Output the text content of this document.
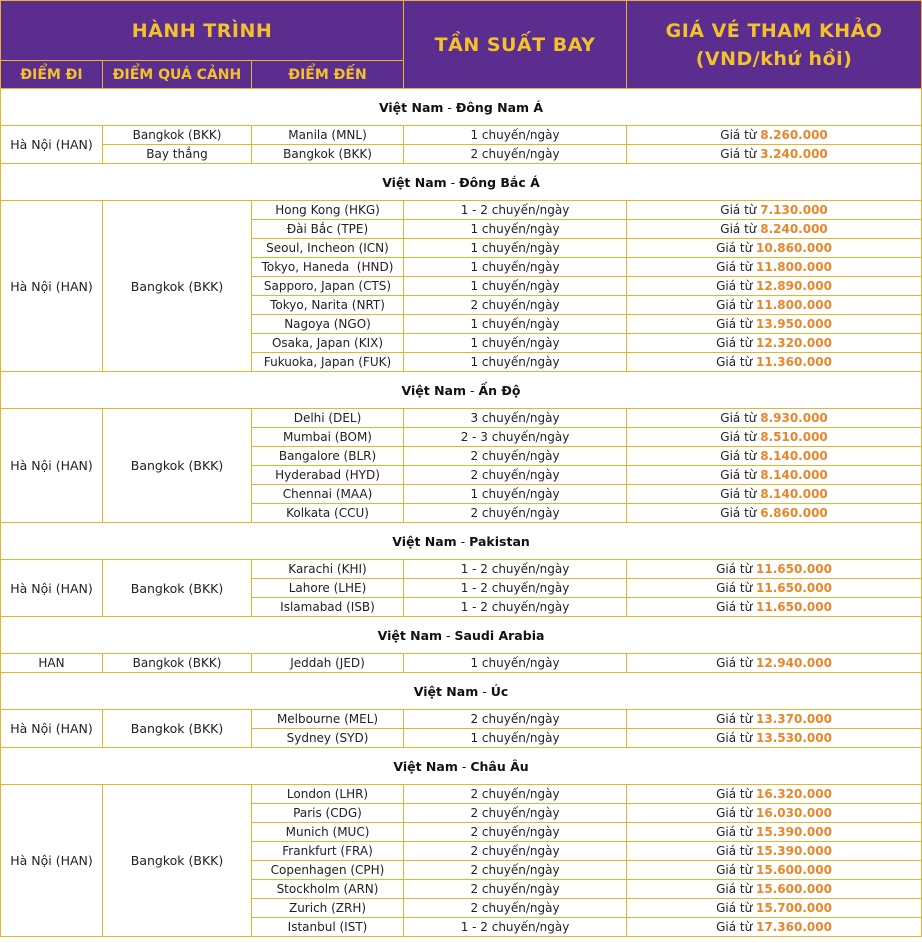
HÀNH TRÌNH			TẦN SUẤT BAY	GIÁ VÉ THAM KHẢO
(VND/khứ hồi)

ĐIỂM ĐI	ĐIỂM QUÁ CẢNH	ĐIỂM ĐẾN		
Việt Nam - Đông Nam Á				
Hà Nội (HAN)	Bangkok (BKK)	Manila (MNL)	1 chuyến/ngày	Giá từ 8.260.000
	Bay thẳng	Bangkok (BKK)	2 chuyến/ngày	Giá từ 3.240.000
Việt Nam - Đông Bắc Á				
Hà Nội (HAN)	Bangkok (BKK)	Hong Kong (HKG)	1 - 2 chuyến/ngày	Giá từ 7.130.000
		Đài Bắc (TPE)	1 chuyến/ngày	Giá từ 8.240.000
		Seoul, Incheon (ICN)	1 chuyến/ngày	Giá từ 10.860.000
		Tokyo, Haneda  (HND)	1 chuyến/ngày	Giá từ 11.800.000
		Sapporo, Japan (CTS)	1 chuyến/ngày	Giá từ 12.890.000
		Tokyo, Narita (NRT)	2 chuyến/ngày	Giá từ 11.800.000
		Nagoya (NGO)	1 chuyến/ngày	Giá từ 13.950.000
		Osaka, Japan (KIX)	1 chuyến/ngày	Giá từ 12.320.000
		Fukuoka, Japan (FUK)	1 chuyến/ngày	Giá từ 11.360.000
Việt Nam - Ấn Độ				
Hà Nội (HAN)	Bangkok (BKK)	Delhi (DEL)	3 chuyến/ngày	Giá từ 8.930.000
		Mumbai (BOM)	2 - 3 chuyến/ngày	Giá từ 8.510.000
		Bangalore (BLR)	2 chuyến/ngày	Giá từ 8.140.000
		Hyderabad (HYD)	2 chuyến/ngày	Giá từ 8.140.000
		Chennai (MAA)	1 chuyến/ngày	Giá từ 8.140.000
		Kolkata (CCU)	2 chuyến/ngày	Giá từ 6.860.000
Việt Nam - Pakistan				
Hà Nội (HAN)	Bangkok (BKK)	Karachi (KHI)	1 - 2 chuyến/ngày	Giá từ 11.650.000
		Lahore (LHE)	1 - 2 chuyến/ngày	Giá từ 11.650.000
		Islamabad (ISB)	1 - 2 chuyến/ngày	Giá từ 11.650.000
Việt Nam - Saudi Arabia				
HAN	Bangkok (BKK)	Jeddah (JED)	1 chuyến/ngày	Giá từ 12.940.000
Việt Nam - Úc				
Hà Nội (HAN)	Bangkok (BKK)	Melbourne (MEL)	2 chuyến/ngày	Giá từ 13.370.000
		Sydney (SYD)	1 chuyến/ngày	Giá từ 13.530.000
Việt Nam - Châu Âu				
Hà Nội (HAN)	Bangkok (BKK)	London (LHR)	2 chuyến/ngày	Giá từ 16.320.000
		Paris (CDG)	2 chuyến/ngày	Giá từ 16.030.000
		Munich (MUC)	2 chuyến/ngày	Giá từ 15.390.000
		Frankfurt (FRA)	2 chuyến/ngày	Giá từ 15.390.000
		Copenhagen (CPH)	2 chuyến/ngày	Giá từ 15.600.000
		Stockholm (ARN)	2 chuyến/ngày	Giá từ 15.600.000
		Zurich (ZRH)	2 chuyến/ngày	Giá từ 15.700.000
		Istanbul (IST)	1 - 2 chuyến/ngày	Giá từ 17.360.000
